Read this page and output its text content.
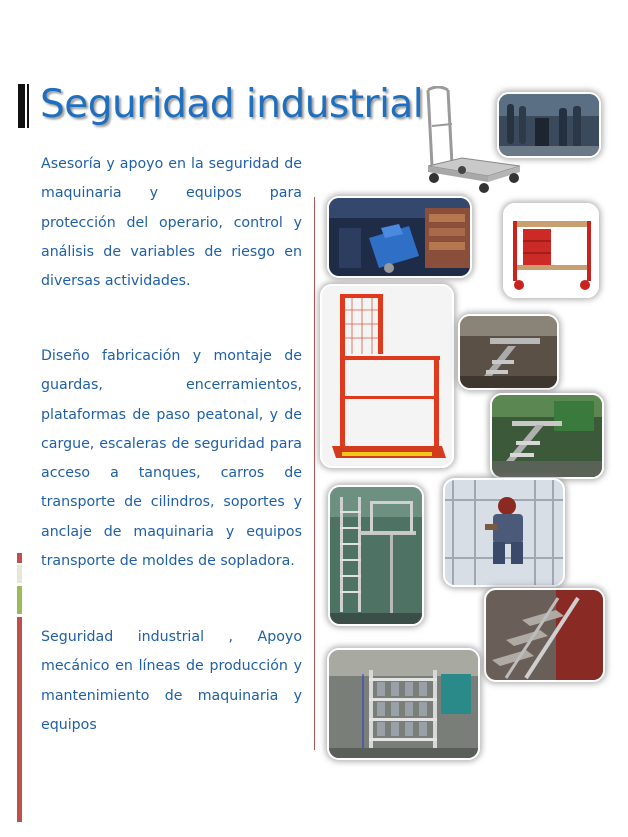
Seguridad industrial

Asesoría y apoyo en la seguridad de maquinaria y equipos para protección del operario, control y análisis de variables de riesgo en diversas actividades.

Diseño fabricación y montaje de guardas, encerramientos, plataformas de paso peatonal, y de cargue, escaleras de seguridad para acceso a tanques, carros de transporte de cilindros, soportes y anclaje de maquinaria y equipos transporte de moldes de sopladora.

Seguridad industrial , Apoyo mecánico en líneas de producción y mantenimiento de maquinaria y equipos
